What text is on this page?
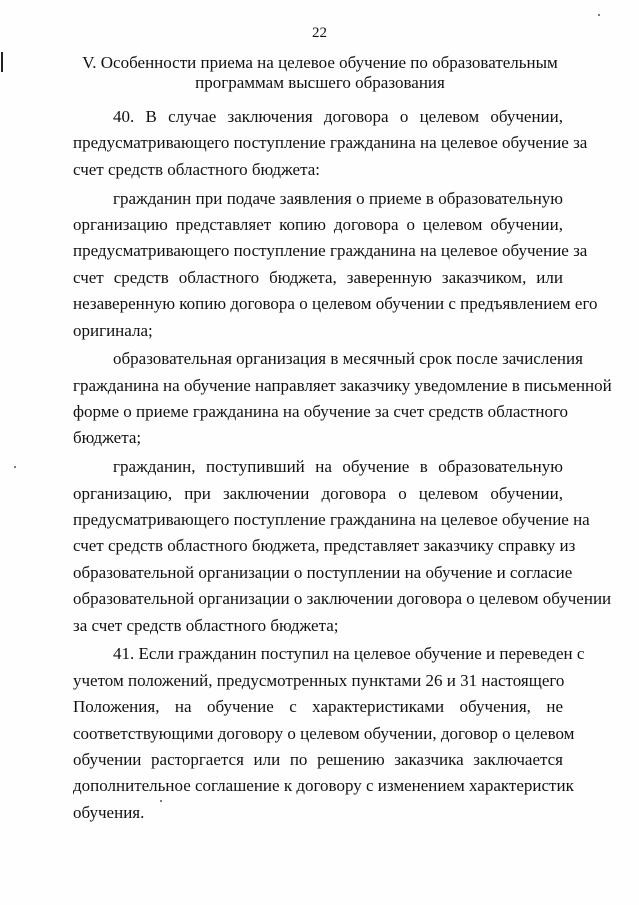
22
V. Особенности приема на целевое обучение по образовательным
программам высшего образования
40. В случае заключения договора о целевом обучении,
предусматривающего поступление гражданина на целевое обучение за
счет средств областного бюджета:
гражданин при подаче заявления о приеме в образовательную
организацию представляет копию договора о целевом обучении,
предусматривающего поступление гражданина на целевое обучение за
счет средств областного бюджета, заверенную заказчиком, или
незаверенную копию договора о целевом обучении с предъявлением его
оригинала;
образовательная организация в месячный срок после зачисления
гражданина на обучение направляет заказчику уведомление в письменной
форме о приеме гражданина на обучение за счет средств областного
бюджета;
гражданин, поступивший на обучение в образовательную
организацию, при заключении договора о целевом обучении,
предусматривающего поступление гражданина на целевое обучение на
счет средств областного бюджета, представляет заказчику справку из
образовательной организации о поступлении на обучение и согласие
образовательной организации о заключении договора о целевом обучении
за счет средств областного бюджета;
41. Если гражданин поступил на целевое обучение и переведен с
учетом положений, предусмотренных пунктами 26 и 31 настоящего
Положения, на обучение с характеристиками обучения, не
соответствующими договору о целевом обучении, договор о целевом
обучении расторгается или по решению заказчика заключается
дополнительное соглашение к договору с изменением характеристик
обучения.
